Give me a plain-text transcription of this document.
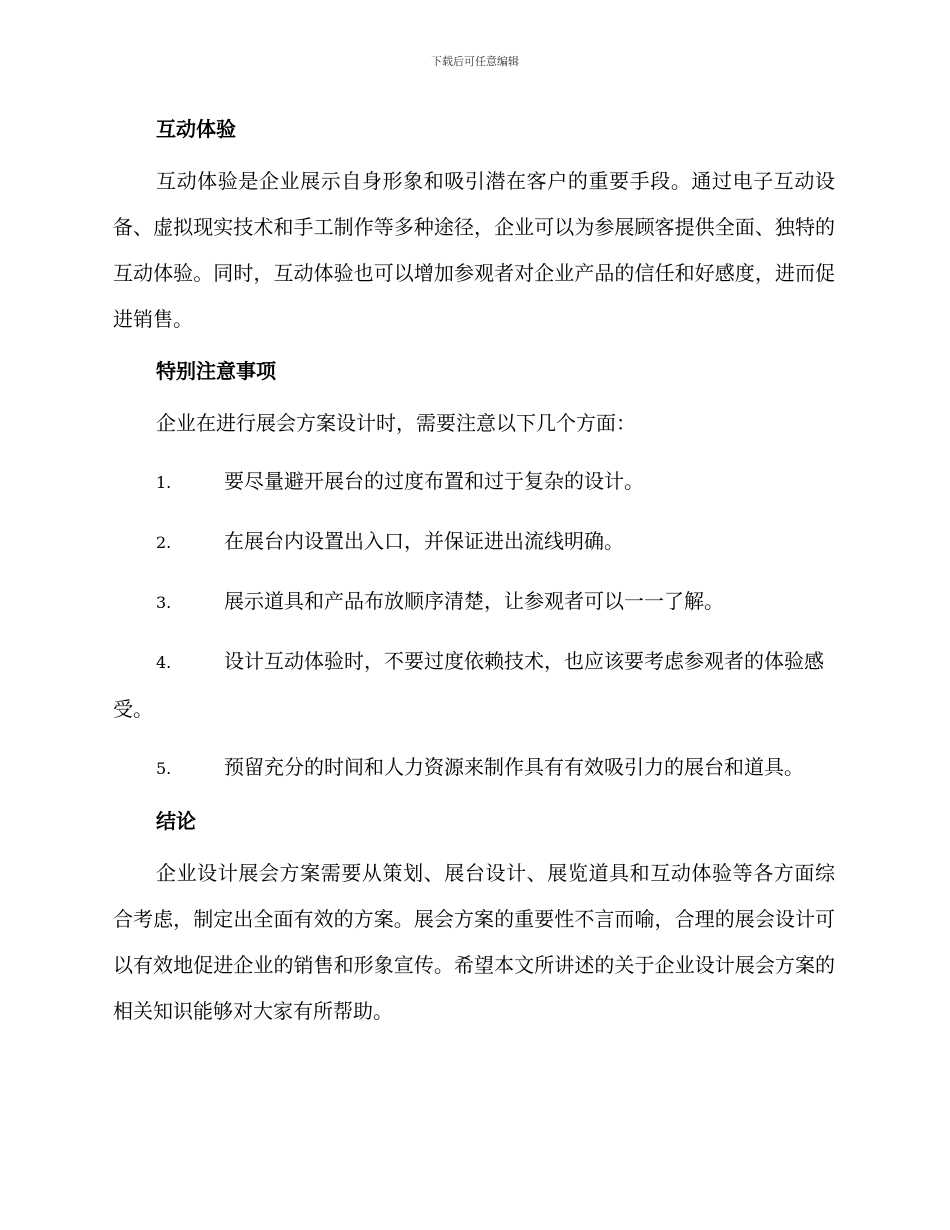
下载后可任意编辑
互动体验

互动体验是企业展示自身形象和吸引潜在客户的重要手段。通过电子互动设备、虚拟现实技术和手工制作等多种途径，企业可以为参展顾客提供全面、独特的互动体验。同时，互动体验也可以增加参观者对企业产品的信任和好感度，进而促进销售。

特别注意事项

企业在进行展会方案设计时，需要注意以下几个方面：

1.	要尽量避开展台的过度布置和过于复杂的设计。

2.	在展台内设置出入口，并保证进出流线明确。

3.	展示道具和产品布放顺序清楚，让参观者可以一一了解。

4.	设计互动体验时，不要过度依赖技术，也应该要考虑参观者的体验感受。

5.	预留充分的时间和人力资源来制作具有有效吸引力的展台和道具。

结论

企业设计展会方案需要从策划、展台设计、展览道具和互动体验等各方面综合考虑，制定出全面有效的方案。展会方案的重要性不言而喻，合理的展会设计可以有效地促进企业的销售和形象宣传。希望本文所讲述的关于企业设计展会方案的相关知识能够对大家有所帮助。
